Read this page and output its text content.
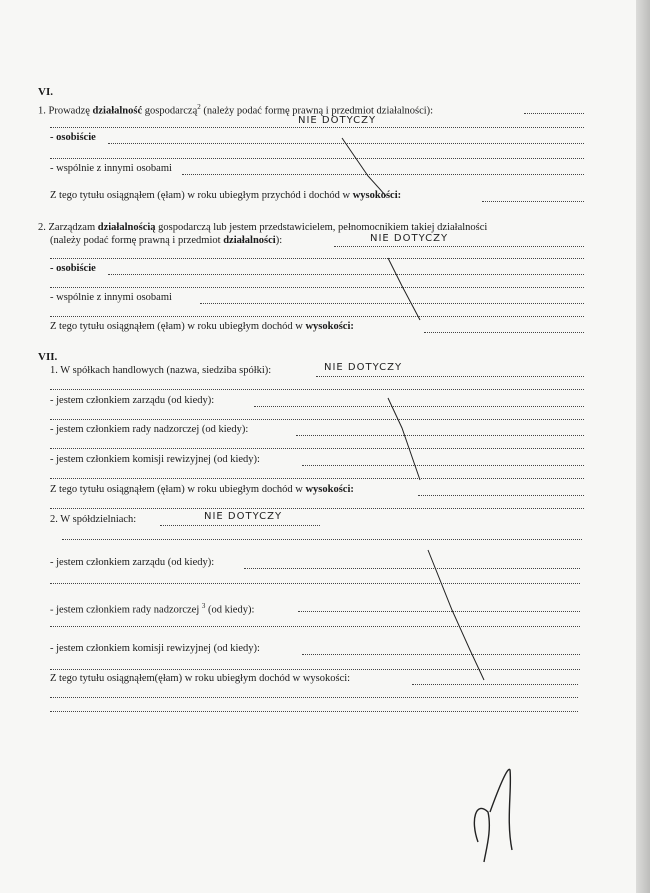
VI.
1. Prowadzę działalność gospodarczą$^2$ (należy podać formę prawną i przedmiot działalności):
NIE DOTYCZY
- osobiście
- wspólnie z innymi osobami
Z tego tytułu osiągnąłem (ęłam) w roku ubiegłym przychód i dochód w wysokości:
2. Zarządzam działalnością gospodarczą lub jestem przedstawicielem, pełnomocnikiem takiej działalności
(należy podać formę prawną i przedmiot działalności):	NIE DOTYCZY
- osobiście
- wspólnie z innymi osobami
Z tego tytułu osiągnąłem (ęłam) w roku ubiegłym dochód w wysokości:
VII.
1. W spółkach handlowych (nazwa, siedziba spółki):	NIE DOTYCZY
- jestem członkiem zarządu (od kiedy):
- jestem członkiem rady nadzorczej (od kiedy):
- jestem członkiem komisji rewizyjnej (od kiedy):
Z tego tytułu osiągnąłem (ęłam) w roku ubiegłym dochód w wysokości:
2. W spółdzielniach:	NIE DOTYCZY
- jestem członkiem zarządu (od kiedy):
- jestem członkiem rady nadzorczej $^3$ (od kiedy):
- jestem członkiem komisji rewizyjnej (od kiedy):
Z tego tytułu osiągnąłem(ęłam) w roku ubiegłym dochód w wysokości:
